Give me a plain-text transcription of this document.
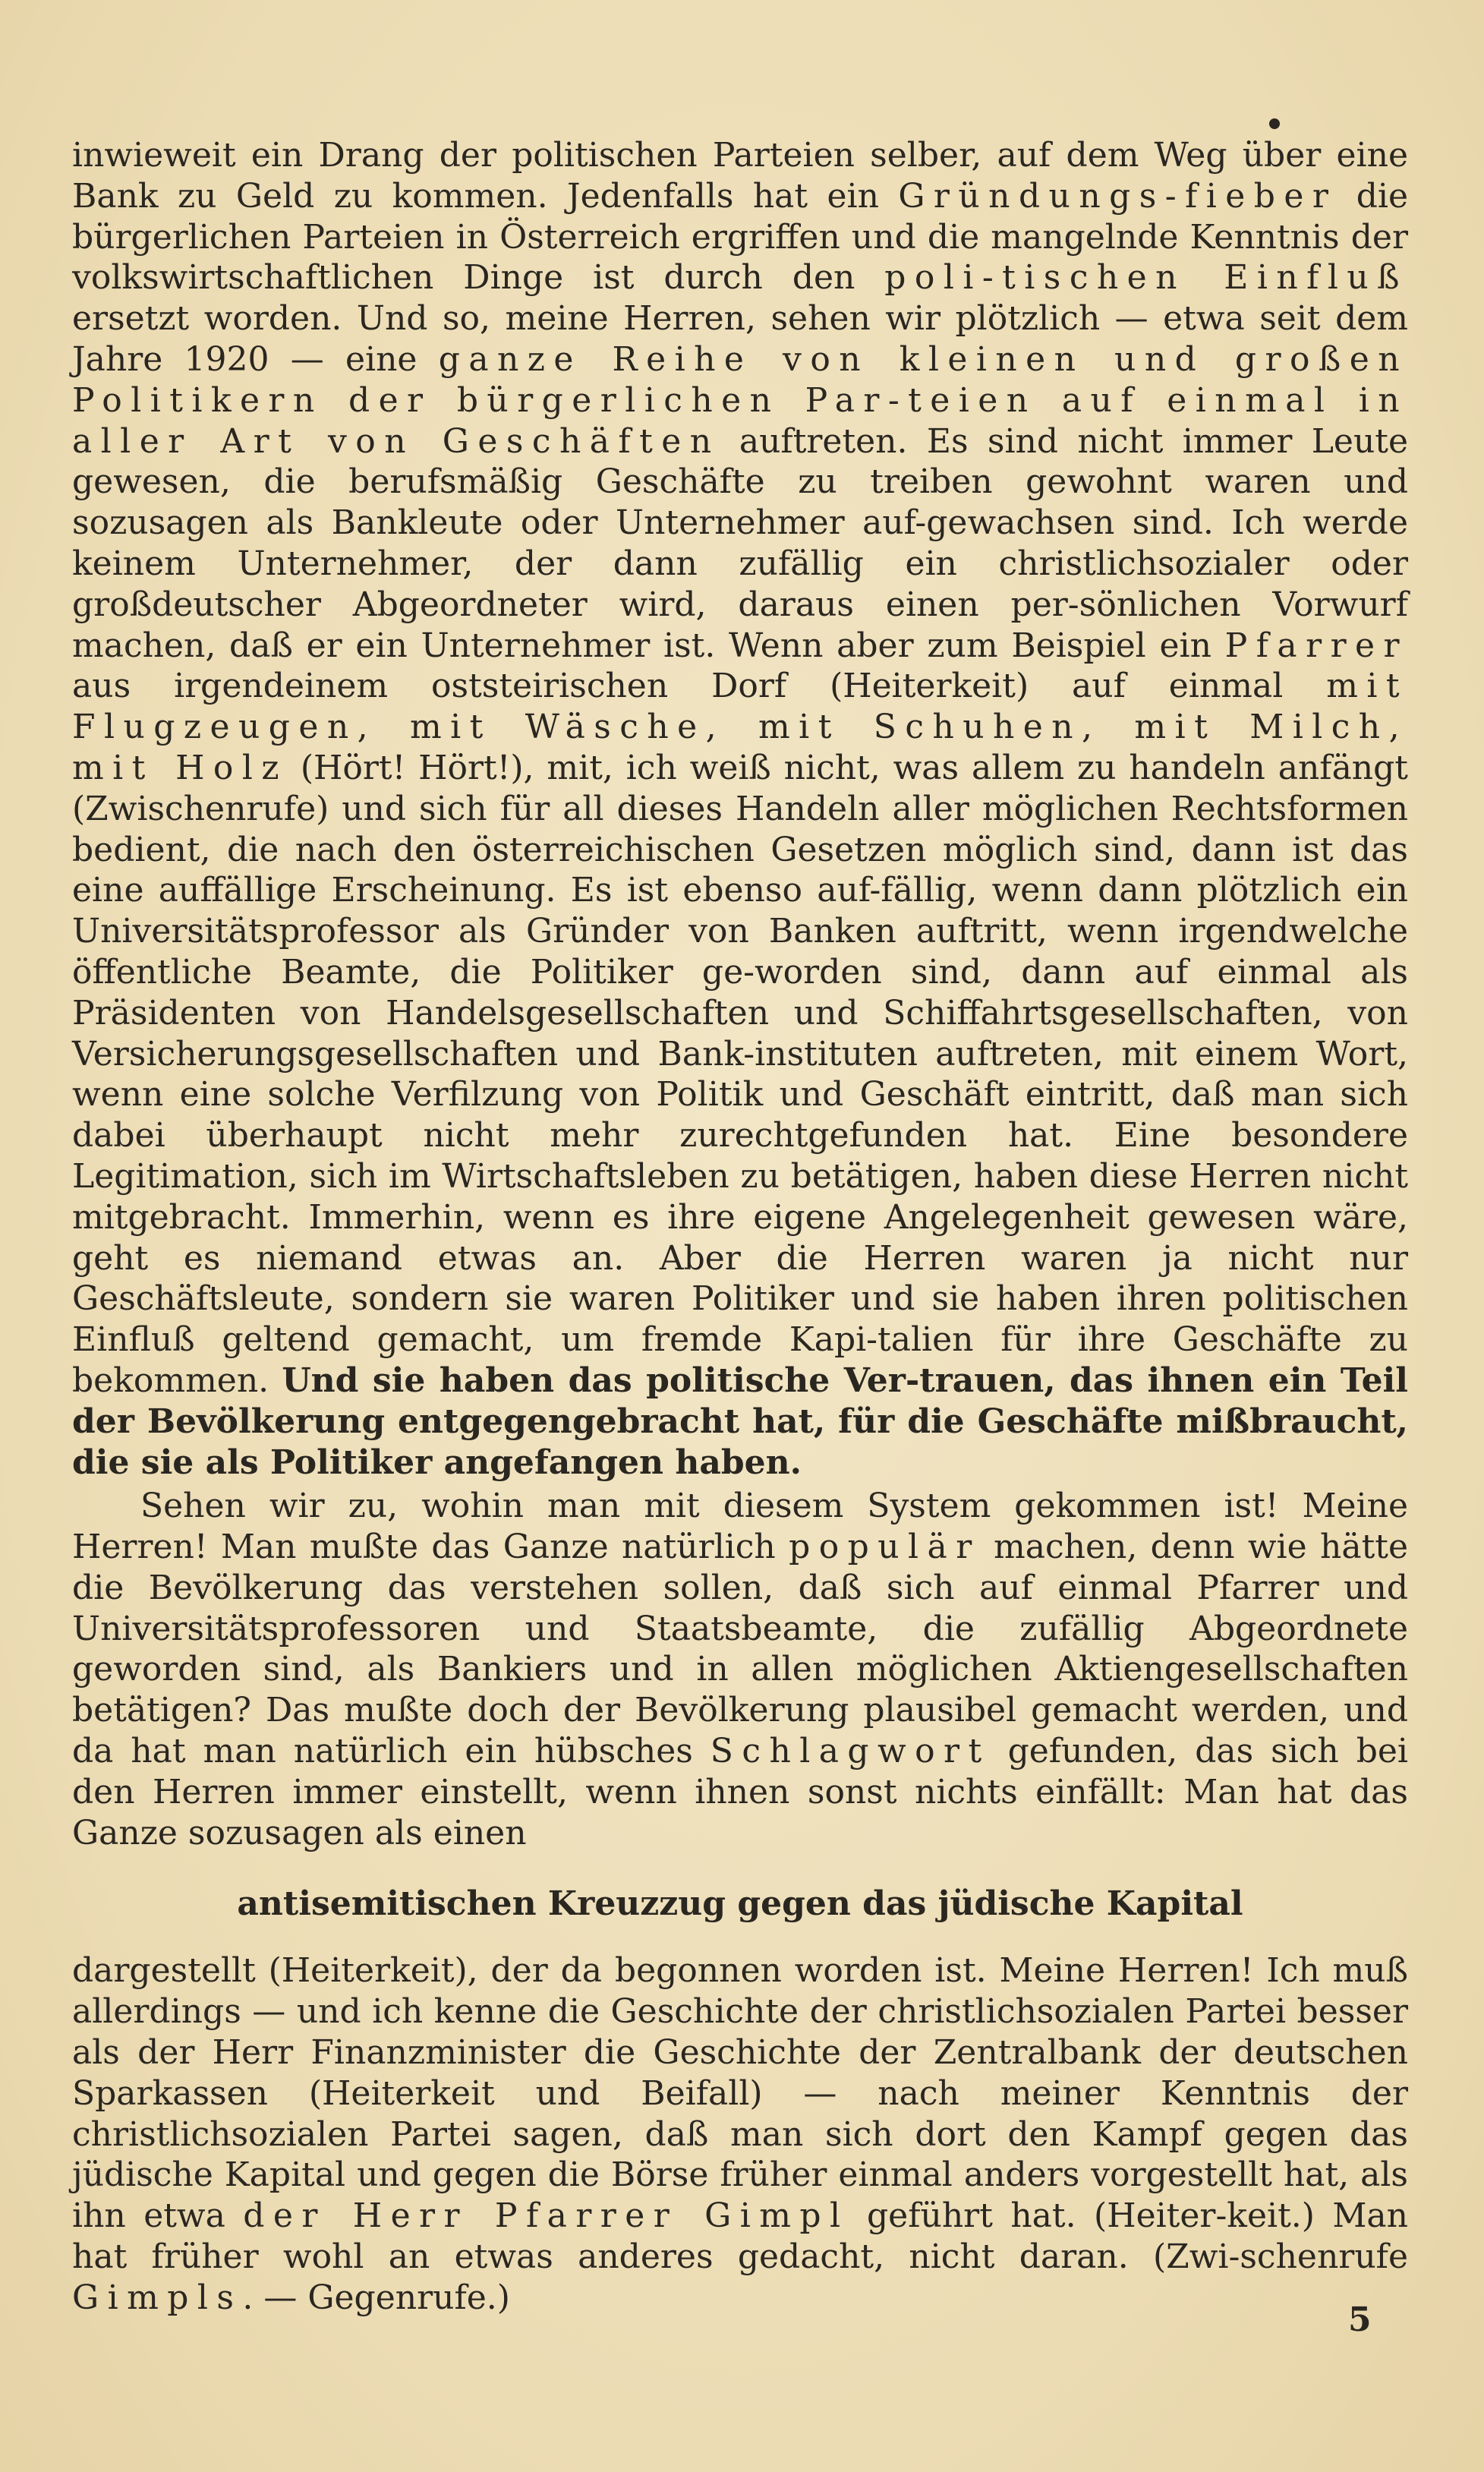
inwieweit ein Drang der politischen Parteien selber, auf dem Weg über eine Bank zu Geld zu kommen. Jedenfalls hat ein Gründungs-fieber die bürgerlichen Parteien in Österreich ergriffen und die mangelnde Kenntnis der volkswirtschaftlichen Dinge ist durch den poli-tischen Einfluß ersetzt worden. Und so, meine Herren, sehen wir plötzlich — etwa seit dem Jahre 1920 — eine ganze Reihe von kleinen und großen Politikern der bürgerlichen Par-teien auf einmal in aller Art von Geschäften auftreten. Es sind nicht immer Leute gewesen, die berufsmäßig Geschäfte zu treiben gewohnt waren und sozusagen als Bankleute oder Unternehmer auf-gewachsen sind. Ich werde keinem Unternehmer, der dann zufällig ein christlichsozialer oder großdeutscher Abgeordneter wird, daraus einen per-sönlichen Vorwurf machen, daß er ein Unternehmer ist. Wenn aber zum Beispiel ein Pfarrer aus irgendeinem oststeirischen Dorf (Heiterkeit) auf einmal mit Flugzeugen, mit Wäsche, mit Schuhen, mit Milch, mit Holz (Hört! Hört!), mit, ich weiß nicht, was allem zu handeln anfängt (Zwischenrufe) und sich für all dieses Handeln aller möglichen Rechtsformen bedient, die nach den österreichischen Gesetzen möglich sind, dann ist das eine auffällige Erscheinung. Es ist ebenso auf-fällig, wenn dann plötzlich ein Universitätsprofessor als Gründer von Banken auftritt, wenn irgendwelche öffentliche Beamte, die Politiker ge-worden sind, dann auf einmal als Präsidenten von Handelsgesellschaften und Schiffahrtsgesellschaften, von Versicherungsgesellschaften und Bank-instituten auftreten, mit einem Wort, wenn eine solche Verfilzung von Politik und Geschäft eintritt, daß man sich dabei überhaupt nicht mehr zurechtgefunden hat. Eine besondere Legitimation, sich im Wirtschaftsleben zu betätigen, haben diese Herren nicht mitgebracht. Immerhin, wenn es ihre eigene Angelegenheit gewesen wäre, geht es niemand etwas an. Aber die Herren waren ja nicht nur Geschäftsleute, sondern sie waren Politiker und sie haben ihren politischen Einfluß geltend gemacht, um fremde Kapi-talien für ihre Geschäfte zu bekommen. Und sie haben das politische Ver-trauen, das ihnen ein Teil der Bevölkerung entgegengebracht hat, für die Geschäfte mißbraucht, die sie als Politiker angefangen haben.

Sehen wir zu, wohin man mit diesem System gekommen ist! Meine Herren! Man mußte das Ganze natürlich populär machen, denn wie hätte die Bevölkerung das verstehen sollen, daß sich auf einmal Pfarrer und Universitätsprofessoren und Staatsbeamte, die zufällig Abgeordnete geworden sind, als Bankiers und in allen möglichen Aktiengesellschaften betätigen? Das mußte doch der Bevölkerung plausibel gemacht werden, und da hat man natürlich ein hübsches Schlagwort gefunden, das sich bei den Herren immer einstellt, wenn ihnen sonst nichts einfällt: Man hat das Ganze sozusagen als einen

antisemitischen Kreuzzug gegen das jüdische Kapital

dargestellt (Heiterkeit), der da begonnen worden ist. Meine Herren! Ich muß allerdings — und ich kenne die Geschichte der christlichsozialen Partei besser als der Herr Finanzminister die Geschichte der Zentralbank der deutschen Sparkassen (Heiterkeit und Beifall) — nach meiner Kenntnis der christlichsozialen Partei sagen, daß man sich dort den Kampf gegen das jüdische Kapital und gegen die Börse früher einmal anders vorgestellt hat, als ihn etwa der Herr Pfarrer Gimpl geführt hat. (Heiter-keit.) Man hat früher wohl an etwas anderes gedacht, nicht daran. (Zwi-schenrufe Gimpls. — Gegenrufe.)

5
